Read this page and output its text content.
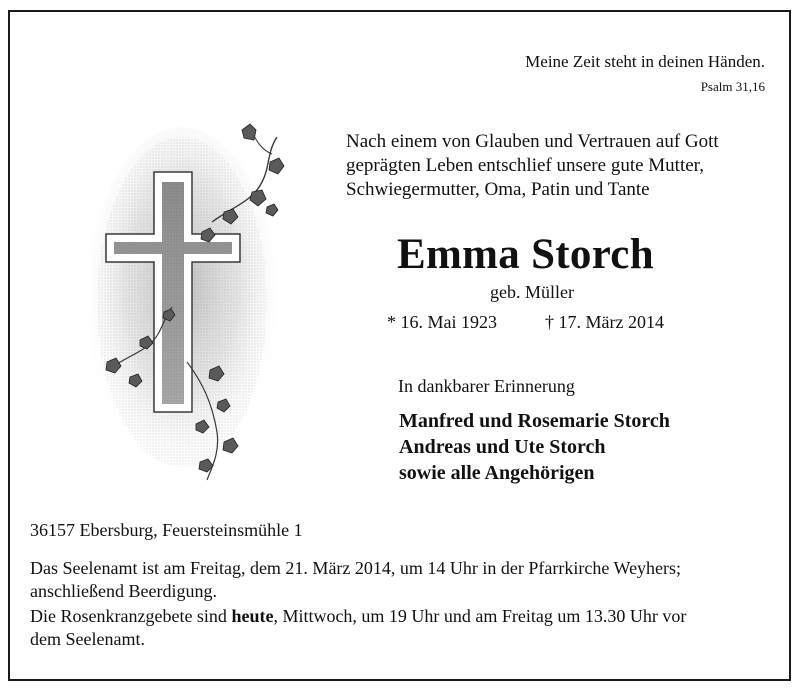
Meine Zeit steht in deinen Händen.
Psalm 31,16
Nach einem von Glauben und Vertrauen auf Gott
geprägten Leben entschlief unsere gute Mutter,
Schwiegermutter, Oma, Patin und Tante
Emma Storch
geb. Müller
* 16. Mai 1923	† 17. März 2014
In dankbarer Erinnerung
Manfred und Rosemarie Storch
Andreas und Ute Storch
sowie alle Angehörigen
36157 Ebersburg, Feuersteinsmühle 1
Das Seelenamt ist am Freitag, dem 21. März 2014, um 14 Uhr in der Pfarrkirche Weyhers;
anschließend Beerdigung.
Die Rosenkranzgebete sind heute, Mittwoch, um 19 Uhr und am Freitag um 13.30 Uhr vor
dem Seelenamt.
